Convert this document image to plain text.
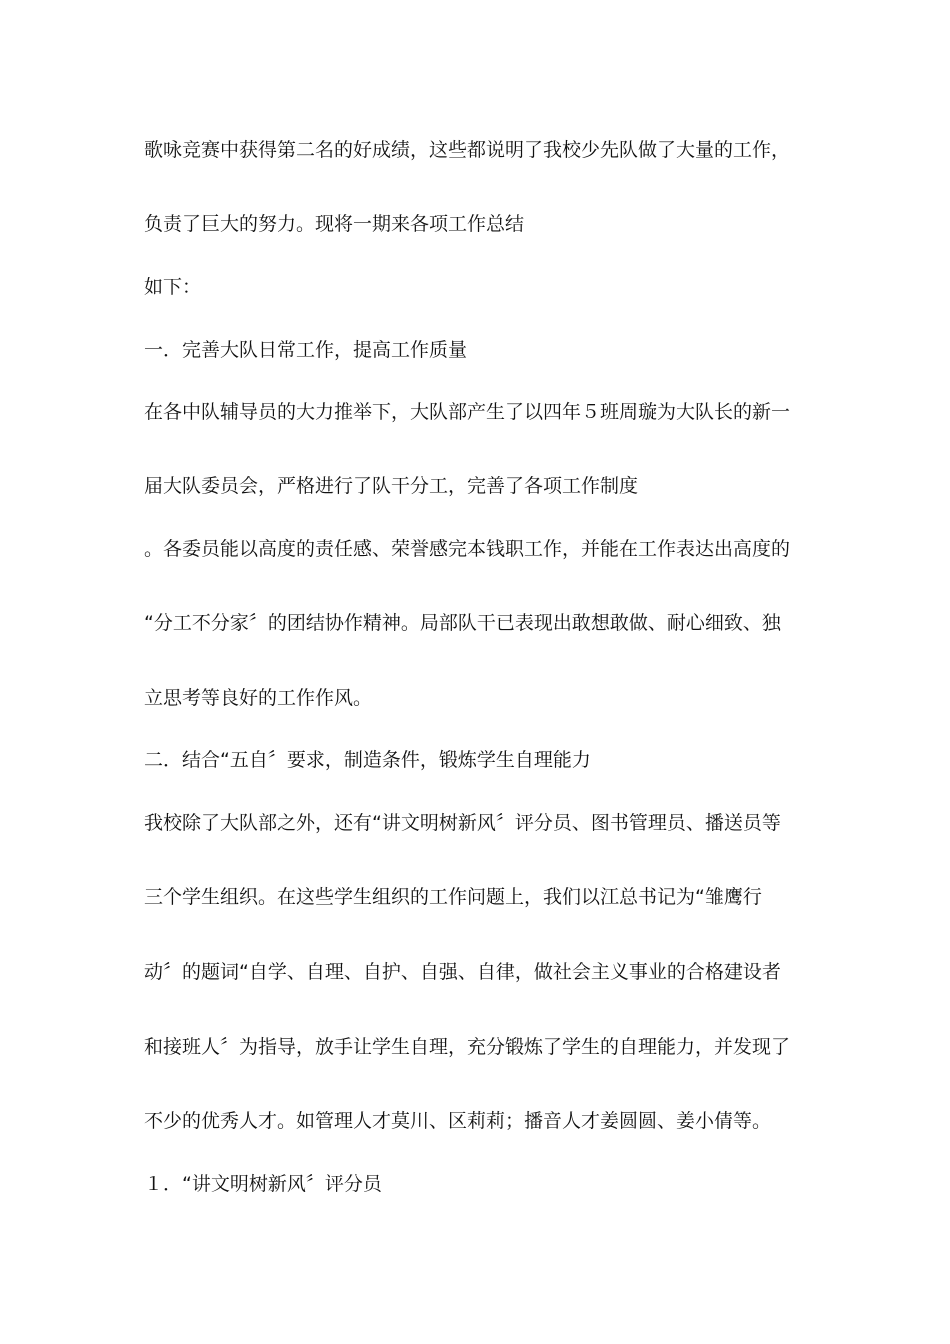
歌咏竞赛中获得第二名的好成绩，这些都说明了我校少先队做了大量的工作，
负责了巨大的努力。现将一期来各项工作总结
如下：
一．完善大队日常工作，提高工作质量
在各中队辅导员的大力推举下，大队部产生了以四年５班周璇为大队长的新一
届大队委员会，严格进行了队干分工，完善了各项工作制度
。各委员能以高度的责任感、荣誉感完本钱职工作，并能在工作表达出高度的
“分工不分家〞的团结协作精神。局部队干已表现出敢想敢做、耐心细致、独
立思考等良好的工作作风。
二．结合“五自〞要求，制造条件，锻炼学生自理能力
我校除了大队部之外，还有“讲文明树新风〞评分员、图书管理员、播送员等
三个学生组织。在这些学生组织的工作问题上，我们以江总书记为“雏鹰行
动〞的题词“自学、自理、自护、自强、自律，做社会主义事业的合格建设者
和接班人〞为指导，放手让学生自理，充分锻炼了学生的自理能力，并发现了
不少的优秀人才。如管理人才莫川、区莉莉；播音人才姜圆圆、姜小倩等。
１．“讲文明树新风〞评分员
